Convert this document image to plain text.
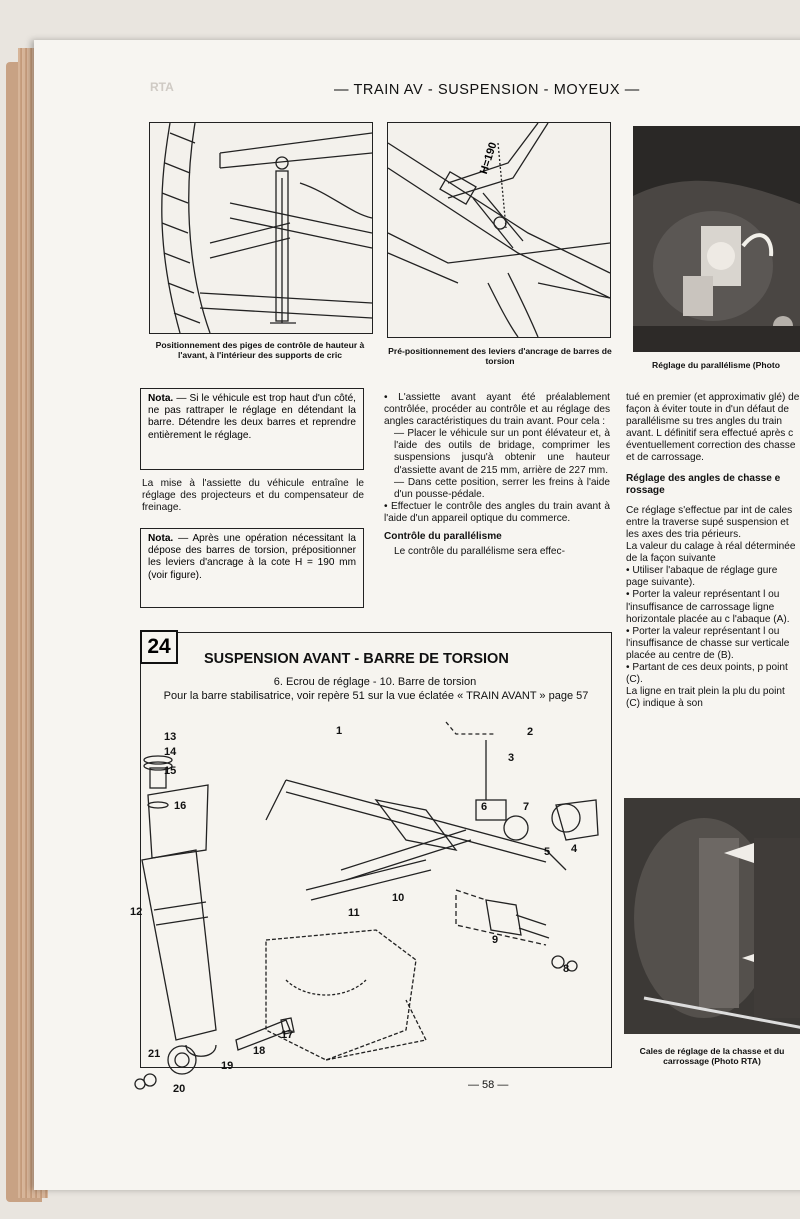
RTA	— TRAIN AV - SUSPENSION - MOYEUX —
Positionnement des piges de contrôle de hauteur à l'avant, à l'intérieur des supports de cric
H=190
Pré-positionnement des leviers d'ancrage de barres de torsion	Réglage du parallélisme (Photo
Nota. — Si le véhicule est trop haut d'un côté, ne pas rattraper le réglage en détendant la barre. Détendre les deux barres et reprendre entièrement le réglage.
La mise à l'assiette du véhicule entraîne le réglage des projecteurs et du compensateur de freinage.
Nota. — Après une opération nécessitant la dépose des barres de torsion, prépositionner les leviers d'ancrage à la cote H = 190 mm (voir figure).

• L'assiette avant ayant été préalablement contrôlée, procéder au contrôle et au réglage des angles caractéristiques du train avant. Pour cela :

— Placer le véhicule sur un pont élévateur et, à l'aide des outils de bridage, comprimer les suspensions jusqu'à obtenir une hauteur d'assiette avant de 215 mm, arrière de 227 mm.

— Dans cette position, serrer les freins à l'aide d'un pousse-pédale.

• Effectuer le contrôle des angles du train avant à l'aide d'un appareil optique du commerce.

Contrôle du parallélisme

Le contrôle du parallélisme sera effec-

tué en premier (et approximativ glé) de façon à éviter toute in d'un défaut de parallélisme su tres angles du train avant. L définitif sera effectué après c éventuellement correction des chasse et de carrossage.

Réglage des angles de chasse e rossage

Ce réglage s'effectue par int de cales entre la traverse supé suspension et les axes des tria périeurs.

La valeur du calage à réal déterminée de la façon suivante

• Utiliser l'abaque de réglage gure page suivante).

• Porter la valeur représentant l ou l'insuffisance de carrossage ligne horizontale placée au c l'abaque (A).

• Porter la valeur représentant l ou l'insuffisance de chasse sur verticale placée au centre de (B).

• Partant de ces deux points, p point (C).

La ligne en trait plein la plu du point (C) indique à son

Cales de réglage de la chasse et du carrossage (Photo RTA)
24
SUSPENSION AVANT - BARRE DE TORSION
6. Ecrou de réglage - 10. Barre de torsion
Pour la barre stabilisatrice, voir repère 51 sur la vue éclatée « TRAIN AVANT » page 57
1	2
3
4
5
6	7
8
9
10
11
12
13
14
15
16
17
18
19
20
21
— 58 —
